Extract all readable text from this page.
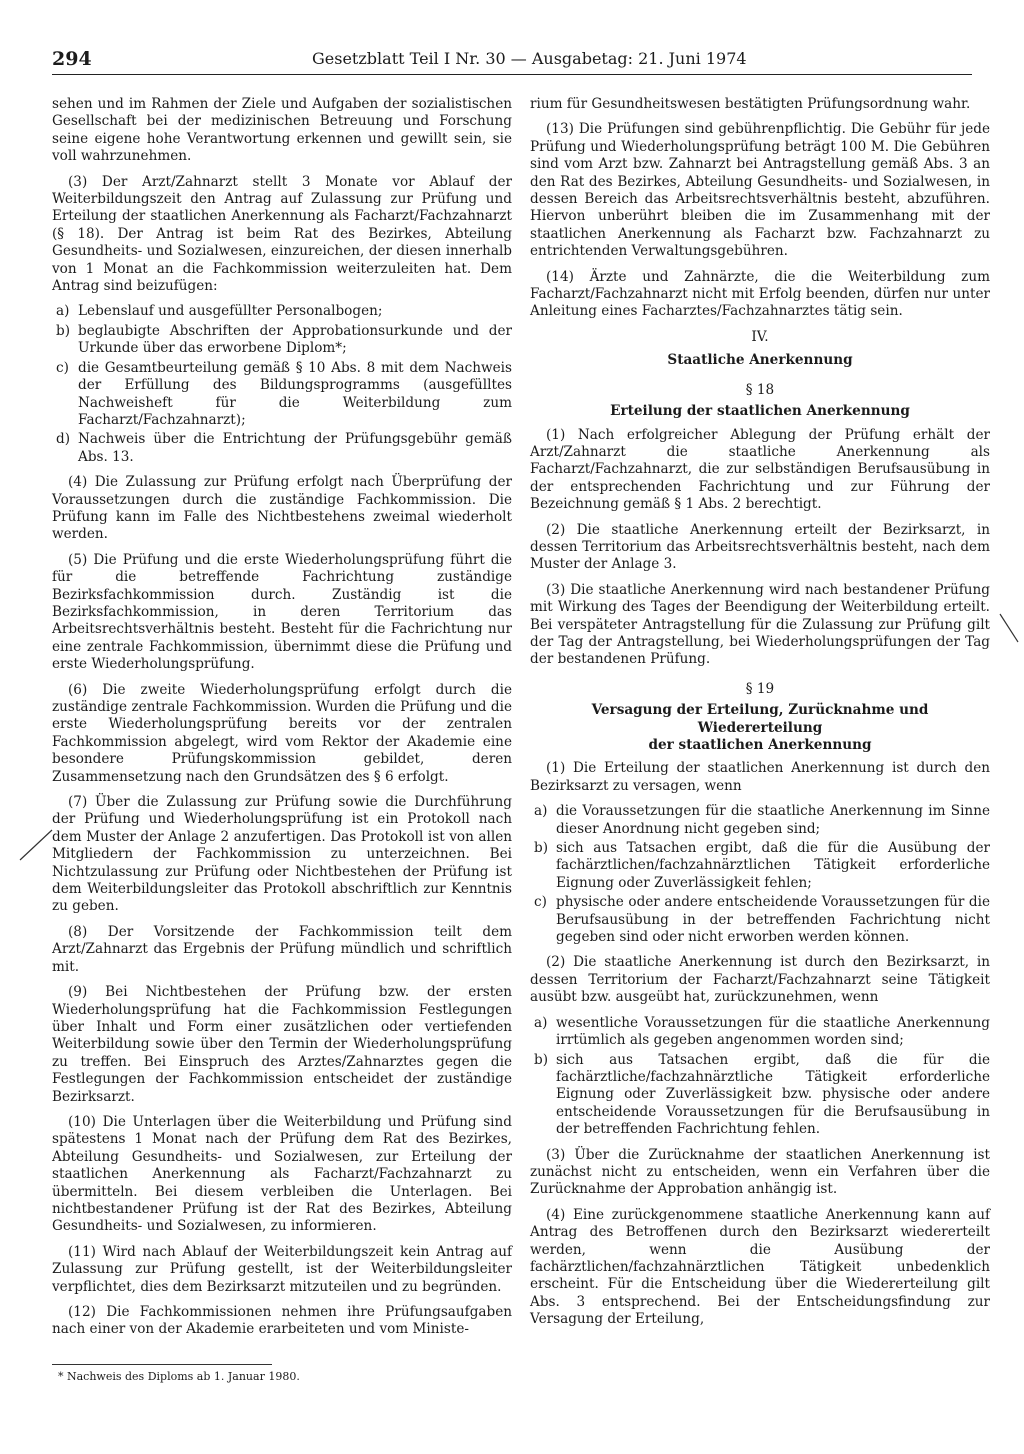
294	Gesetzblatt Teil I Nr. 30 — Ausgabetag: 21. Juni 1974

sehen und im Rahmen der Ziele und Aufgaben der sozialistischen Gesellschaft bei der medizinischen Betreuung und Forschung seine eigene hohe Verantwortung erkennen und gewillt sein, sie voll wahrzunehmen.

(3) Der Arzt/Zahnarzt stellt 3 Monate vor Ablauf der Weiterbildungszeit den Antrag auf Zulassung zur Prüfung und Erteilung der staatlichen Anerkennung als Facharzt/Fachzahnarzt (§ 18). Der Antrag ist beim Rat des Bezirkes, Abteilung Gesundheits- und Sozialwesen, einzureichen, der diesen innerhalb von 1 Monat an die Fachkommission weiterzuleiten hat. Dem Antrag sind beizufügen:

a) Lebenslauf und ausgefüllter Personalbogen;
b) beglaubigte Abschriften der Approbationsurkunde und der Urkunde über das erworbene Diplom*;
c) die Gesamtbeurteilung gemäß § 10 Abs. 8 mit dem Nachweis der Erfüllung des Bildungsprogramms (ausgefülltes Nachweisheft für die Weiterbildung zum Facharzt/Fachzahnarzt);
d) Nachweis über die Entrichtung der Prüfungsgebühr gemäß Abs. 13.

(4) Die Zulassung zur Prüfung erfolgt nach Überprüfung der Voraussetzungen durch die zuständige Fachkommission. Die Prüfung kann im Falle des Nichtbestehens zweimal wiederholt werden.

(5) Die Prüfung und die erste Wiederholungsprüfung führt die für die betreffende Fachrichtung zuständige Bezirksfachkommission durch. Zuständig ist die Bezirksfachkommission, in deren Territorium das Arbeitsrechtsverhältnis besteht. Besteht für die Fachrichtung nur eine zentrale Fachkommission, übernimmt diese die Prüfung und erste Wiederholungsprüfung.

(6) Die zweite Wiederholungsprüfung erfolgt durch die zuständige zentrale Fachkommission. Wurden die Prüfung und die erste Wiederholungsprüfung bereits vor der zentralen Fachkommission abgelegt, wird vom Rektor der Akademie eine besondere Prüfungskommission gebildet, deren Zusammensetzung nach den Grundsätzen des § 6 erfolgt.

(7) Über die Zulassung zur Prüfung sowie die Durchführung der Prüfung und Wiederholungsprüfung ist ein Protokoll nach dem Muster der Anlage 2 anzufertigen. Das Protokoll ist von allen Mitgliedern der Fachkommission zu unterzeichnen. Bei Nichtzulassung zur Prüfung oder Nichtbestehen der Prüfung ist dem Weiterbildungsleiter das Protokoll abschriftlich zur Kenntnis zu geben.

(8) Der Vorsitzende der Fachkommission teilt dem Arzt/Zahnarzt das Ergebnis der Prüfung mündlich und schriftlich mit.

(9) Bei Nichtbestehen der Prüfung bzw. der ersten Wiederholungsprüfung hat die Fachkommission Festlegungen über Inhalt und Form einer zusätzlichen oder vertiefenden Weiterbildung sowie über den Termin der Wiederholungsprüfung zu treffen. Bei Einspruch des Arztes/Zahnarztes gegen die Festlegungen der Fachkommission entscheidet der zuständige Bezirksarzt.

(10) Die Unterlagen über die Weiterbildung und Prüfung sind spätestens 1 Monat nach der Prüfung dem Rat des Bezirkes, Abteilung Gesundheits- und Sozialwesen, zur Erteilung der staatlichen Anerkennung als Facharzt/Fachzahnarzt zu übermitteln. Bei diesem verbleiben die Unterlagen. Bei nichtbestandener Prüfung ist der Rat des Bezirkes, Abteilung Gesundheits- und Sozialwesen, zu informieren.

(11) Wird nach Ablauf der Weiterbildungszeit kein Antrag auf Zulassung zur Prüfung gestellt, ist der Weiterbildungsleiter verpflichtet, dies dem Bezirksarzt mitzuteilen und zu begründen.

(12) Die Fachkommissionen nehmen ihre Prüfungsaufgaben nach einer von der Akademie erarbeiteten und vom Ministe-

rium für Gesundheitswesen bestätigten Prüfungsordnung wahr.

(13) Die Prüfungen sind gebührenpflichtig. Die Gebühr für jede Prüfung und Wiederholungsprüfung beträgt 100 M. Die Gebühren sind vom Arzt bzw. Zahnarzt bei Antragstellung gemäß Abs. 3 an den Rat des Bezirkes, Abteilung Gesundheits- und Sozialwesen, in dessen Bereich das Arbeitsrechtsverhältnis besteht, abzuführen. Hiervon unberührt bleiben die im Zusammenhang mit der staatlichen Anerkennung als Facharzt bzw. Fachzahnarzt zu entrichtenden Verwaltungsgebühren.

(14) Ärzte und Zahnärzte, die die Weiterbildung zum Facharzt/Fachzahnarzt nicht mit Erfolg beenden, dürfen nur unter Anleitung eines Facharztes/Fachzahnarztes tätig sein.

IV.
Staatliche Anerkennung
§ 18
Erteilung der staatlichen Anerkennung

(1) Nach erfolgreicher Ablegung der Prüfung erhält der Arzt/Zahnarzt die staatliche Anerkennung als Facharzt/Fachzahnarzt, die zur selbständigen Berufsausübung in der entsprechenden Fachrichtung und zur Führung der Bezeichnung gemäß § 1 Abs. 2 berechtigt.

(2) Die staatliche Anerkennung erteilt der Bezirksarzt, in dessen Territorium das Arbeitsrechtsverhältnis besteht, nach dem Muster der Anlage 3.

(3) Die staatliche Anerkennung wird nach bestandener Prüfung mit Wirkung des Tages der Beendigung der Weiterbildung erteilt. Bei verspäteter Antragstellung für die Zulassung zur Prüfung gilt der Tag der Antragstellung, bei Wiederholungsprüfungen der Tag der bestandenen Prüfung.

§ 19
Versagung der Erteilung, Zurücknahme und Wiedererteilung
der staatlichen Anerkennung

(1) Die Erteilung der staatlichen Anerkennung ist durch den Bezirksarzt zu versagen, wenn

a) die Voraussetzungen für die staatliche Anerkennung im Sinne dieser Anordnung nicht gegeben sind;
b) sich aus Tatsachen ergibt, daß die für die Ausübung der fachärztlichen/fachzahnärztlichen Tätigkeit erforderliche Eignung oder Zuverlässigkeit fehlen;
c) physische oder andere entscheidende Voraussetzungen für die Berufsausübung in der betreffenden Fachrichtung nicht gegeben sind oder nicht erworben werden können.

(2) Die staatliche Anerkennung ist durch den Bezirksarzt, in dessen Territorium der Facharzt/Fachzahnarzt seine Tätigkeit ausübt bzw. ausgeübt hat, zurückzunehmen, wenn

a) wesentliche Voraussetzungen für die staatliche Anerkennung irrtümlich als gegeben angenommen worden sind;
b) sich aus Tatsachen ergibt, daß die für die fachärztliche/fachzahnärztliche Tätigkeit erforderliche Eignung oder Zuverlässigkeit bzw. physische oder andere entscheidende Voraussetzungen für die Berufsausübung in der betreffenden Fachrichtung fehlen.

(3) Über die Zurücknahme der staatlichen Anerkennung ist zunächst nicht zu entscheiden, wenn ein Verfahren über die Zurücknahme der Approbation anhängig ist.

(4) Eine zurückgenommene staatliche Anerkennung kann auf Antrag des Betroffenen durch den Bezirksarzt wiedererteilt werden, wenn die Ausübung der fachärztlichen/fachzahnärztlichen Tätigkeit unbedenklich erscheint. Für die Entscheidung über die Wiedererteilung gilt Abs. 3 entsprechend. Bei der Entscheidungsfindung zur Versagung der Erteilung,

* Nachweis des Diploms ab 1. Januar 1980.
